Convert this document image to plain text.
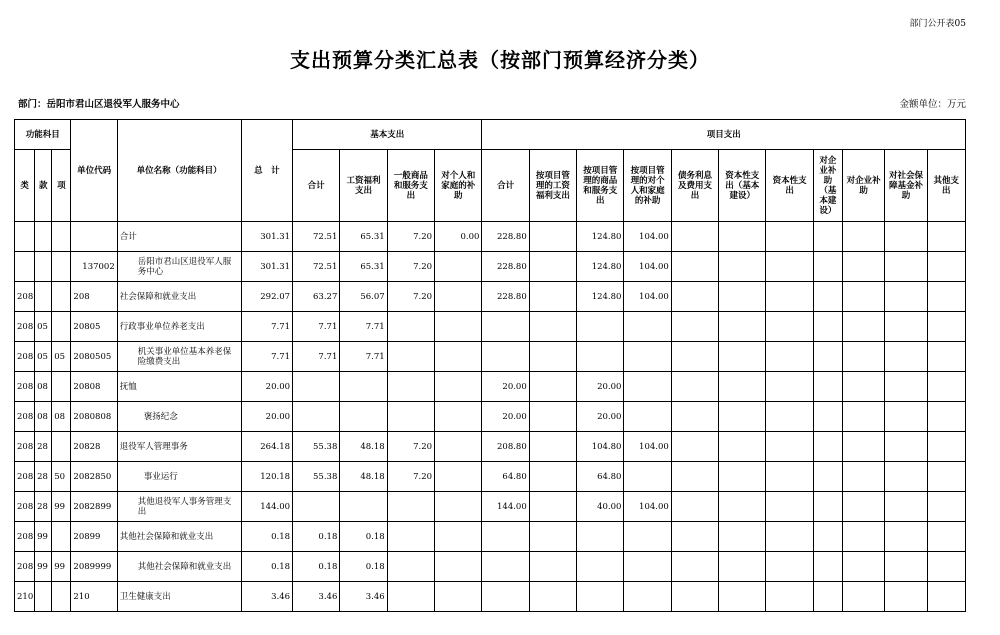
部门公开表05
支出预算分类汇总表（按部门预算经济分类）
部门：岳阳市君山区退役军人服务中心	金额单位：万元
功能科目			单位代码	单位名称（功能科目）	总　计	基本支出				项目支出										
类	款	项				合计	工资福利支出	一般商品和服务支出	对个人和家庭的补助	合计	按项目管理的工资福利支出	按项目管理的商品和服务支出	按项目管理的对个人和家庭的补助	债务利息及费用支出	资本性支出（基本建设）	资本性支出	对企业补助（基本建设）	对企业补助	对社会保障基金补助	其他支出
				合计	301.31	72.51	65.31	7.20	0.00	228.80		124.80	104.00							
			137002	岳阳市君山区退役军人服务中心	301.31	72.51	65.31	7.20		228.80		124.80	104.00							
208			208	社会保障和就业支出	292.07	63.27	56.07	7.20		228.80		124.80	104.00							
208	05		20805	行政事业单位养老支出	7.71	7.71	7.71													
208	05	05	2080505	机关事业单位基本养老保险缴费支出	7.71	7.71	7.71													
208	08		20808	抚恤	20.00					20.00		20.00								
208	08	08	2080808	褒扬纪念	20.00					20.00		20.00								
208	28		20828	退役军人管理事务	264.18	55.38	48.18	7.20		208.80		104.80	104.00							
208	28	50	2082850	事业运行	120.18	55.38	48.18	7.20		64.80		64.80								
208	28	99	2082899	其他退役军人事务管理支出	144.00					144.00		40.00	104.00							
208	99		20899	其他社会保障和就业支出	0.18	0.18	0.18													
208	99	99	2089999	其他社会保障和就业支出	0.18	0.18	0.18													
210			210	卫生健康支出	3.46	3.46	3.46													
